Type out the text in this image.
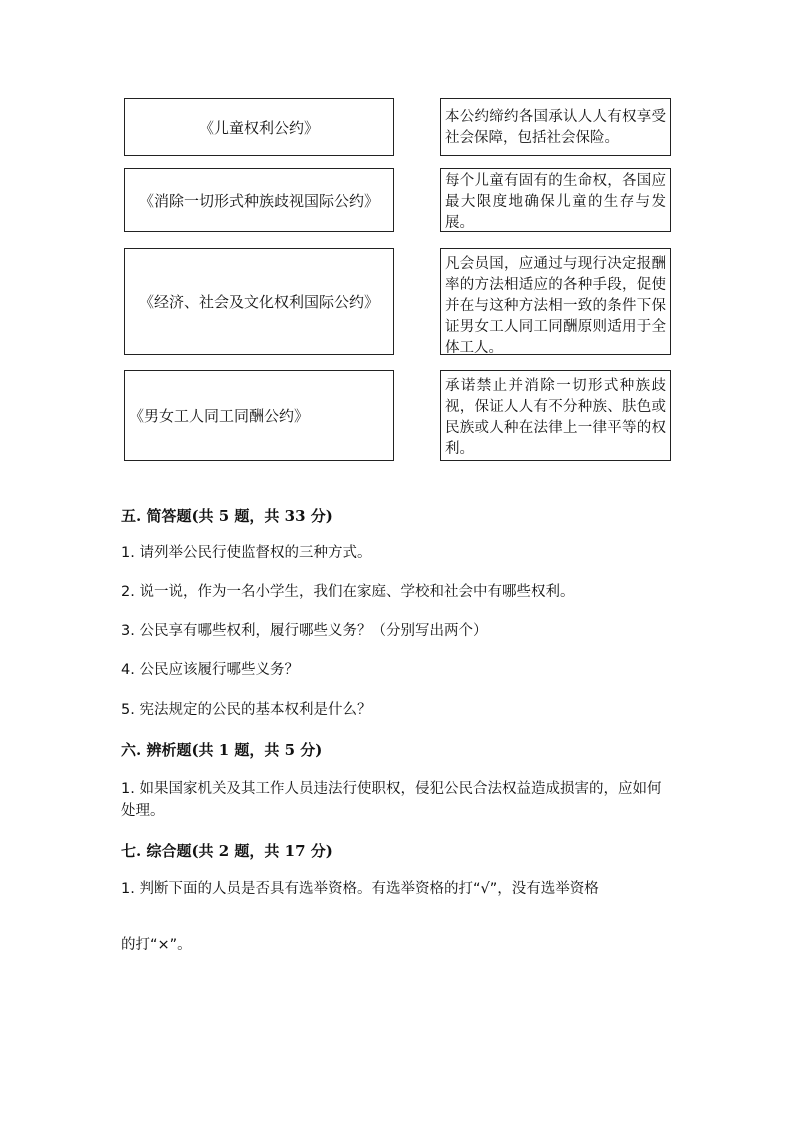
《儿童权利公约》
《消除一切形式种族歧视国际公约》
《经济、社会及文化权利国际公约》
《男女工人同工同酬公约》
本公约缔约各国承认人人有权享受社会保障，包括社会保险。
每个儿童有固有的生命权，各国应最大限度地确保儿童的生存与发展。
凡会员国，应通过与现行决定报酬率的方法相适应的各种手段，促使并在与这种方法相一致的条件下保证男女工人同工同酬原则适用于全体工人。
承诺禁止并消除一切形式种族歧视，保证人人有不分种族、肤色或民族或人种在法律上一律平等的权利。
五. 简答题(共 5 题，共 33 分)
1. 请列举公民行使监督权的三种方式。
2. 说一说，作为一名小学生，我们在家庭、学校和社会中有哪些权利。
3. 公民享有哪些权利，履行哪些义务？（分别写出两个）
4. 公民应该履行哪些义务？
5. 宪法规定的公民的基本权利是什么？
六. 辨析题(共 1 题，共 5 分)
1. 如果国家机关及其工作人员违法行使职权，侵犯公民合法权益造成损害的，应如何处理。
七. 综合题(共 2 题，共 17 分)
1. 判断下面的人员是否具有选举资格。有选举资格的打“√”，没有选举资格
的打“×”。
